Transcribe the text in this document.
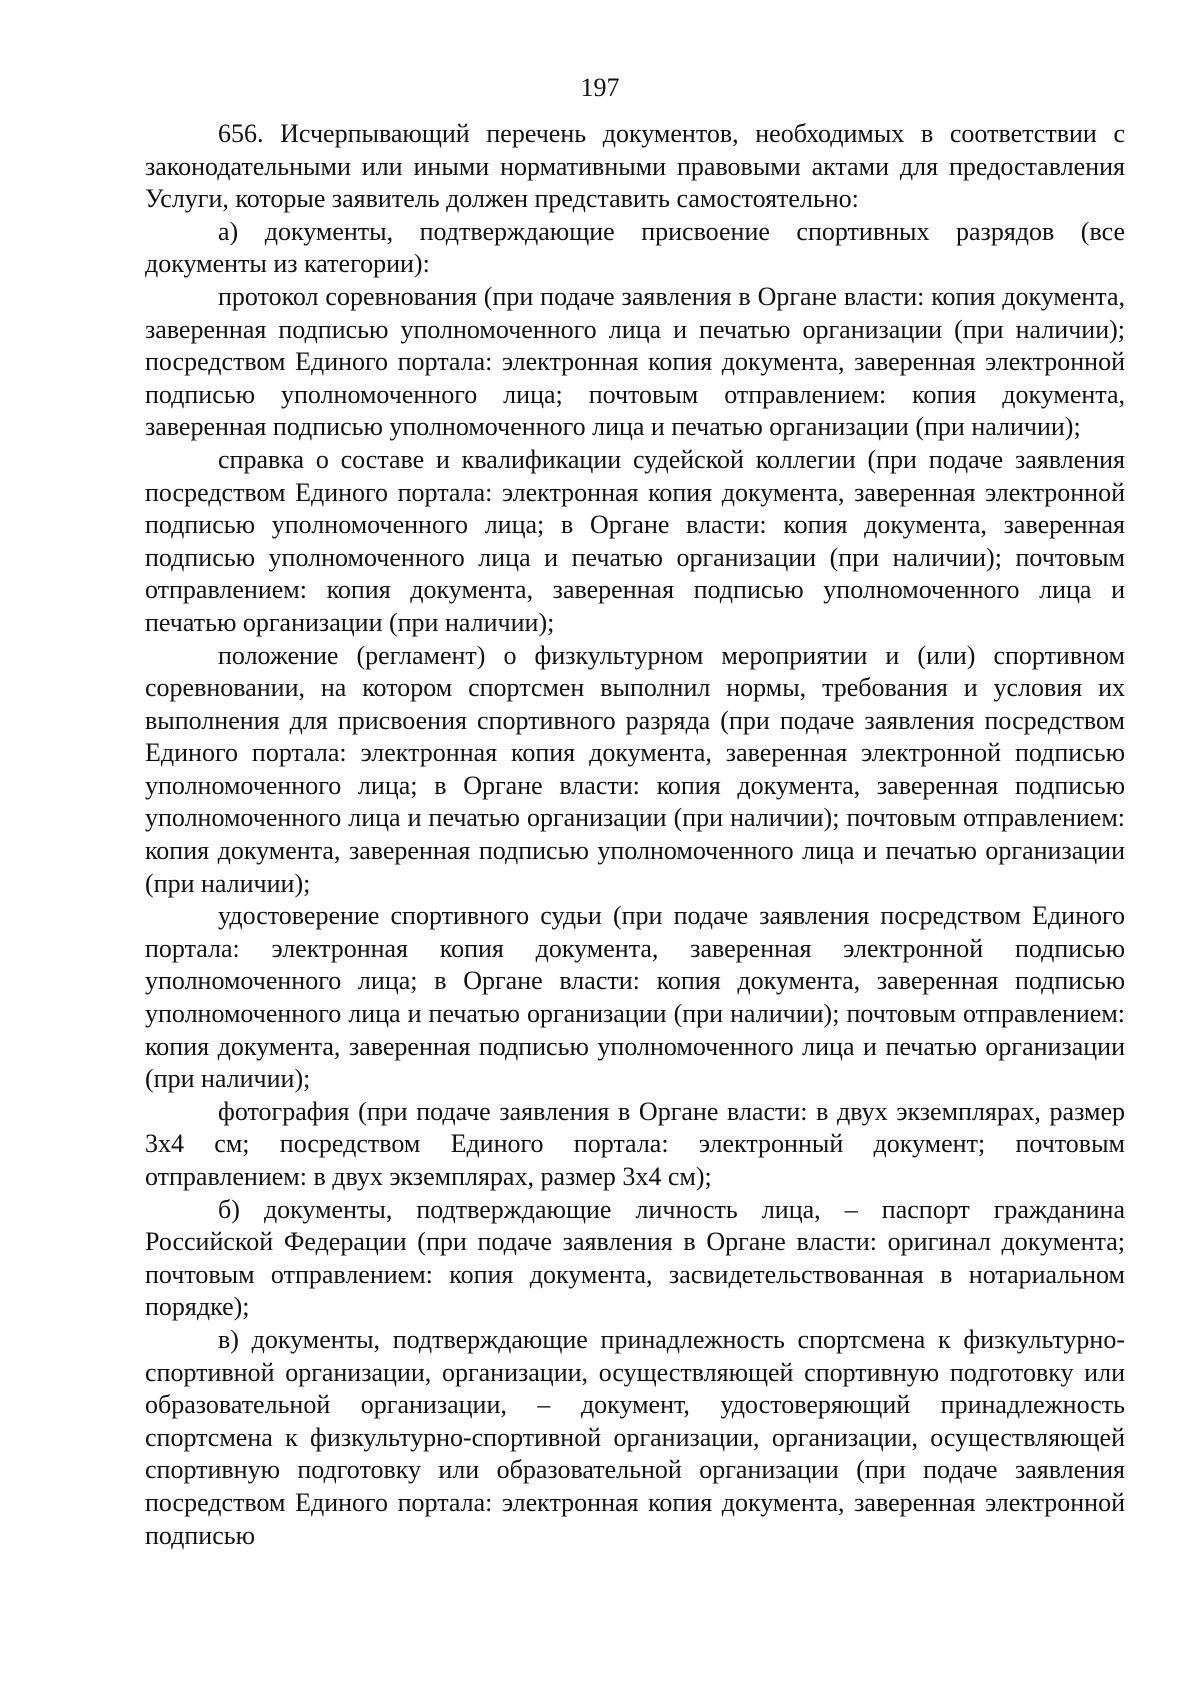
197

656. Исчерпывающий перечень документов, необходимых в соответствии с законодательными или иными нормативными правовыми актами для предоставления Услуги, которые заявитель должен представить самостоятельно:

а) документы, подтверждающие присвоение спортивных разрядов (все документы из категории):

протокол соревнования (при подаче заявления в Органе власти: копия документа, заверенная подписью уполномоченного лица и печатью организации (при наличии); посредством Единого портала: электронная копия документа, заверенная электронной подписью уполномоченного лица; почтовым отправлением: копия документа, заверенная подписью уполномоченного лица и печатью организации (при наличии);

справка о составе и квалификации судейской коллегии (при подаче заявления посредством Единого портала: электронная копия документа, заверенная электронной подписью уполномоченного лица; в Органе власти: копия документа, заверенная подписью уполномоченного лица и печатью организации (при наличии); почтовым отправлением: копия документа, заверенная подписью уполномоченного лица и печатью организации (при наличии);

положение (регламент) о физкультурном мероприятии и (или) спортивном соревновании, на котором спортсмен выполнил нормы, требования и условия их выполнения для присвоения спортивного разряда (при подаче заявления посредством Единого портала: электронная копия документа, заверенная электронной подписью уполномоченного лица; в Органе власти: копия документа, заверенная подписью уполномоченного лица и печатью организации (при наличии); почтовым отправлением: копия документа, заверенная подписью уполномоченного лица и печатью организации (при наличии);

удостоверение спортивного судьи (при подаче заявления посредством Единого портала: электронная копия документа, заверенная электронной подписью уполномоченного лица; в Органе власти: копия документа, заверенная подписью уполномоченного лица и печатью организации (при наличии); почтовым отправлением: копия документа, заверенная подписью уполномоченного лица и печатью организации (при наличии);

фотография (при подаче заявления в Органе власти: в двух экземплярах, размер 3х4 см; посредством Единого портала: электронный документ; почтовым отправлением: в двух экземплярах, размер 3х4 см);

б) документы, подтверждающие личность лица, – паспорт гражданина Российской Федерации (при подаче заявления в Органе власти: оригинал документа; почтовым отправлением: копия документа, засвидетельствованная в нотариальном порядке);

в) документы, подтверждающие принадлежность спортсмена к физкультурно-спортивной организации, организации, осуществляющей спортивную подготовку или образовательной организации, – документ, удостоверяющий принадлежность спортсмена к физкультурно-спортивной организации, организации, осуществляющей спортивную подготовку или образовательной организации (при подаче заявления посредством Единого портала: электронная копия документа, заверенная электронной подписью
